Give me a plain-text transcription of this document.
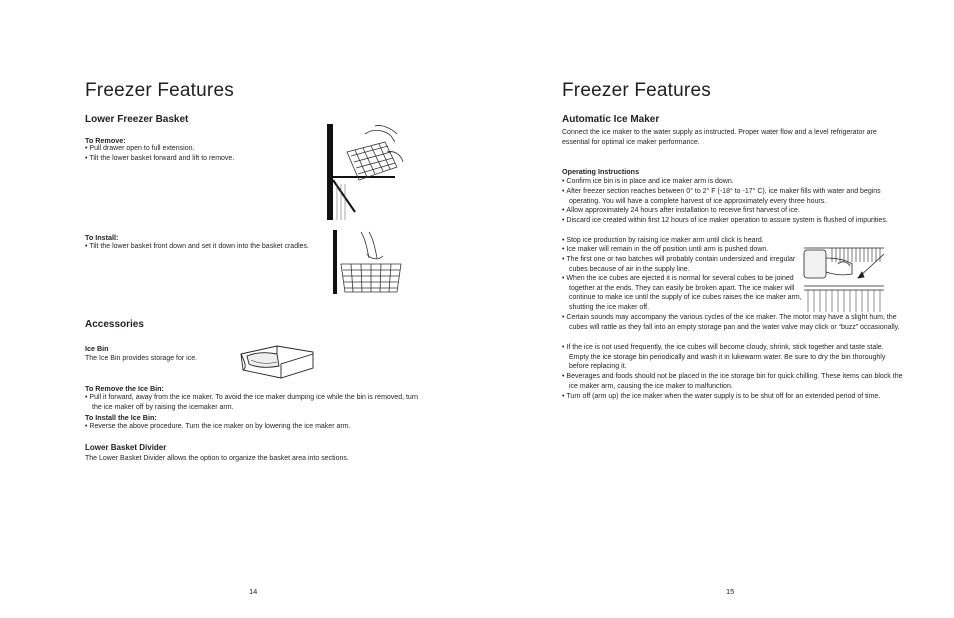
Freezer Features
Lower Freezer Basket
To Remove:

• Pull drawer open to full extension.

• Tilt the lower basket forward and lift to remove.

To Install:

• Tilt the lower basket front down and set it down into the basket cradles.

Accessories
Ice Bin

The Ice Bin provides storage for ice.

To Remove the Ice Bin:

• Pull it forward, away from the ice maker. To avoid the ice maker dumping ice while the bin is removed, turn the ice maker off by raising the icemaker arm.

To Install the Ice Bin:

• Reverse the above procedure. Turn the ice maker on by lowering the ice maker arm.

Lower Basket Divider

The Lower Basket Divider allows the option to organize the basket area into sections.

14
Freezer Features
Automatic Ice Maker

Connect the ice maker to the water supply as instructed. Proper water flow and a level refrigerator are essential for optimal ice maker performance.

Operating Instructions

• Confirm ice bin is in place and ice maker arm is down.

• After freezer section reaches between 0° to 2° F (-18° to -17° C), ice maker fills with water and begins operating. You will have a complete harvest of ice approximately every three hours.

• Allow approximately 24 hours after installation to receive first harvest of ice.

• Discard ice created within first 12 hours of ice maker operation to assure system is flushed of impurities.

• Stop ice production by raising ice maker arm until click is heard.

• Ice maker will remain in the off position until arm is pushed down.

• The first one or two batches will probably contain undersized and irregular cubes because of air in the supply line.

• When the ice cubes are ejected it is normal for several cubes to be joined together at the ends. They can easily be broken apart. The ice maker will continue to make ice until the supply of ice cubes raises the ice maker arm, shutting the ice maker off.

• Certain sounds may accompany the various cycles of the ice maker. The motor may have a slight hum, the cubes will rattle as they fall into an empty storage pan and the water valve may click or “buzz” occasionally.

• If the ice is not used frequently, the ice cubes will become cloudy, shrink, stick together and taste stale. Empty the ice storage bin periodically and wash it in lukewarm water. Be sure to dry the bin thoroughly before replacing it.

• Beverages and foods should not be placed in the ice storage bin for quick chilling. These items can block the ice maker arm, causing the ice maker to malfunction.

• Turn off (arm up) the ice maker when the water supply is to be shut off for an extended period of time.

15
